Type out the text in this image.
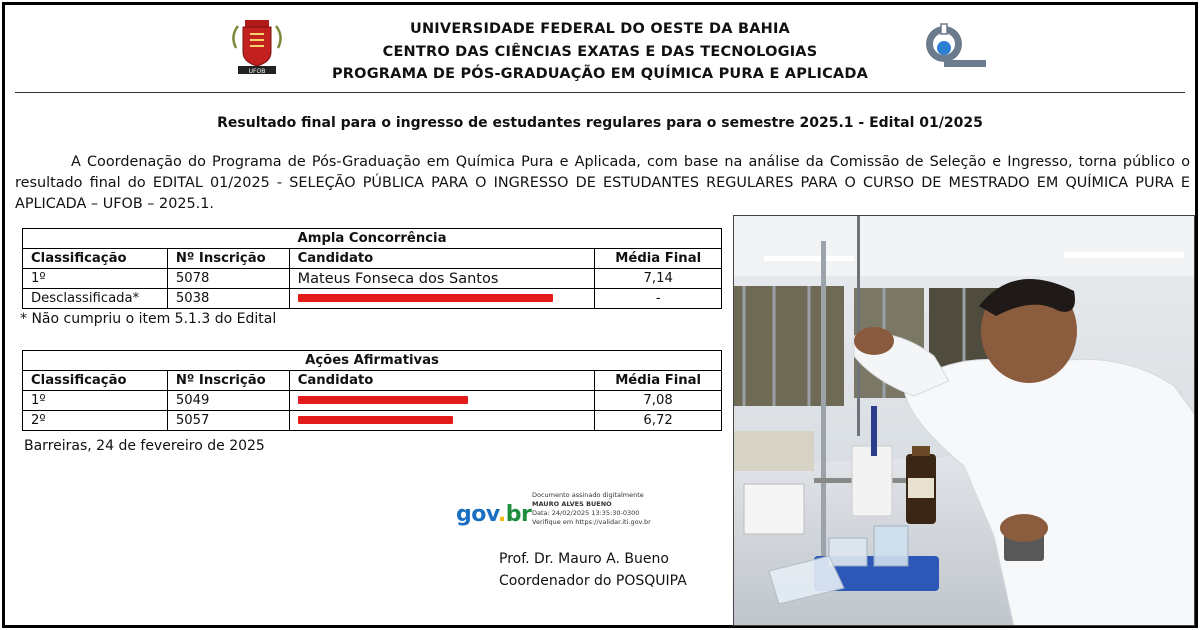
UFOB
UNIVERSIDADE FEDERAL DO OESTE DA BAHIA
CENTRO DAS CIÊNCIAS EXATAS E DAS TECNOLOGIAS
PROGRAMA DE PÓS-GRADUAÇÃO EM QUÍMICA PURA E APLICADA
Resultado final para o ingresso de estudantes regulares para o semestre 2025.1 - Edital 01/2025

A Coordenação do Programa de Pós-Graduação em Química Pura e Aplicada, com base na análise da Comissão de Seleção e Ingresso, torna público o resultado final do EDITAL 01/2025 - SELEÇÃO PÚBLICA PARA O INGRESSO DE ESTUDANTES REGULARES PARA O CURSO DE MESTRADO EM QUÍMICA PURA E APLICADA – UFOB – 2025.1.

Ampla Concorrência			
Classificação	Nº Inscrição	Candidato	Média Final
1º	5078	Mateus Fonseca dos Santos	7,14
Desclassificada*	5038		-
* Não cumpriu o item 5.1.3 do Edital
Ações Afirmativas			
Classificação	Nº Inscrição	Candidato	Média Final
1º	5049		7,08
2º	5057		6,72
Barreiras, 24 de fevereiro de 2025
gov.br
Documento assinado digitalmente
MAURO ALVES BUENO
Data: 24/02/2025 13:35:30-0300
Verifique em https://validar.iti.gov.br
Prof. Dr. Mauro A. Bueno
Coordenador do POSQUIPA
